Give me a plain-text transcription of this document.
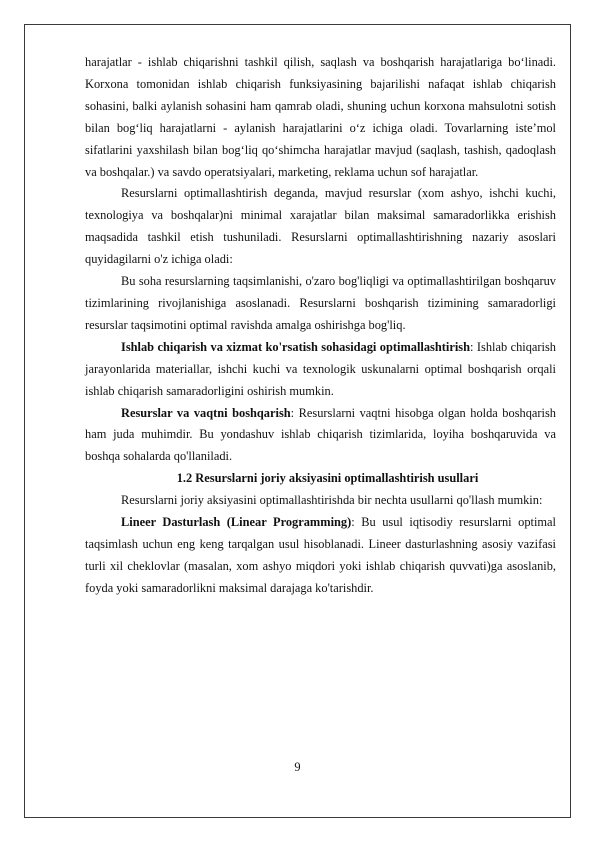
harajatlar - ishlab chiqarishni tashkil qilish, saqlash va boshqarish harajatlariga bo‘linadi. Korxona tomonidan ishlab chiqarish funksiyasining bajarilishi nafaqat ishlab chiqarish sohasini, balki aylanish sohasini ham qamrab oladi, shuning uchun korxona mahsulotni sotish bilan bog‘liq harajatlarni - aylanish harajatlarini o‘z ichiga oladi. Tovarlarning iste’mol sifatlarini yaxshilash bilan bog‘liq qo‘shimcha harajatlar mavjud (saqlash, tashish, qadoqlash va boshqalar.) va savdo operatsiyalari, marketing, reklama uchun sof harajatlar.

Resurslarni optimallashtirish deganda, mavjud resurslar (xom ashyo, ishchi kuchi, texnologiya va boshqalar)ni minimal xarajatlar bilan maksimal samaradorlikka erishish maqsadida tashkil etish tushuniladi. Resurslarni optimallashtirishning nazariy asoslari quyidagilarni o'z ichiga oladi:

Bu soha resurslarning taqsimlanishi, o'zaro bog'liqligi va optimallashtirilgan boshqaruv tizimlarining rivojlanishiga asoslanadi. Resurslarni boshqarish tizimining samaradorligi resurslar taqsimotini optimal ravishda amalga oshirishga bog'liq.

Ishlab chiqarish va xizmat ko'rsatish sohasidagi optimallashtirish: Ishlab chiqarish jarayonlarida materiallar, ishchi kuchi va texnologik uskunalarni optimal boshqarish orqali ishlab chiqarish samaradorligini oshirish mumkin.

Resurslar va vaqtni boshqarish: Resurslarni vaqtni hisobga olgan holda boshqarish ham juda muhimdir. Bu yondashuv ishlab chiqarish tizimlarida, loyiha boshqaruvida va boshqa sohalarda qo'llaniladi.

1.2 Resurslarni joriy aksiyasini optimallashtirish usullari

Resurslarni joriy aksiyasini optimallashtirishda bir nechta usullarni qo'llash mumkin:

Lineer Dasturlash (Linear Programming): Bu usul iqtisodiy resurslarni optimal taqsimlash uchun eng keng tarqalgan usul hisoblanadi. Lineer dasturlashning asosiy vazifasi turli xil cheklovlar (masalan, xom ashyo miqdori yoki ishlab chiqarish quvvati)ga asoslanib, foyda yoki samaradorlikni maksimal darajaga ko'tarishdir.

9
